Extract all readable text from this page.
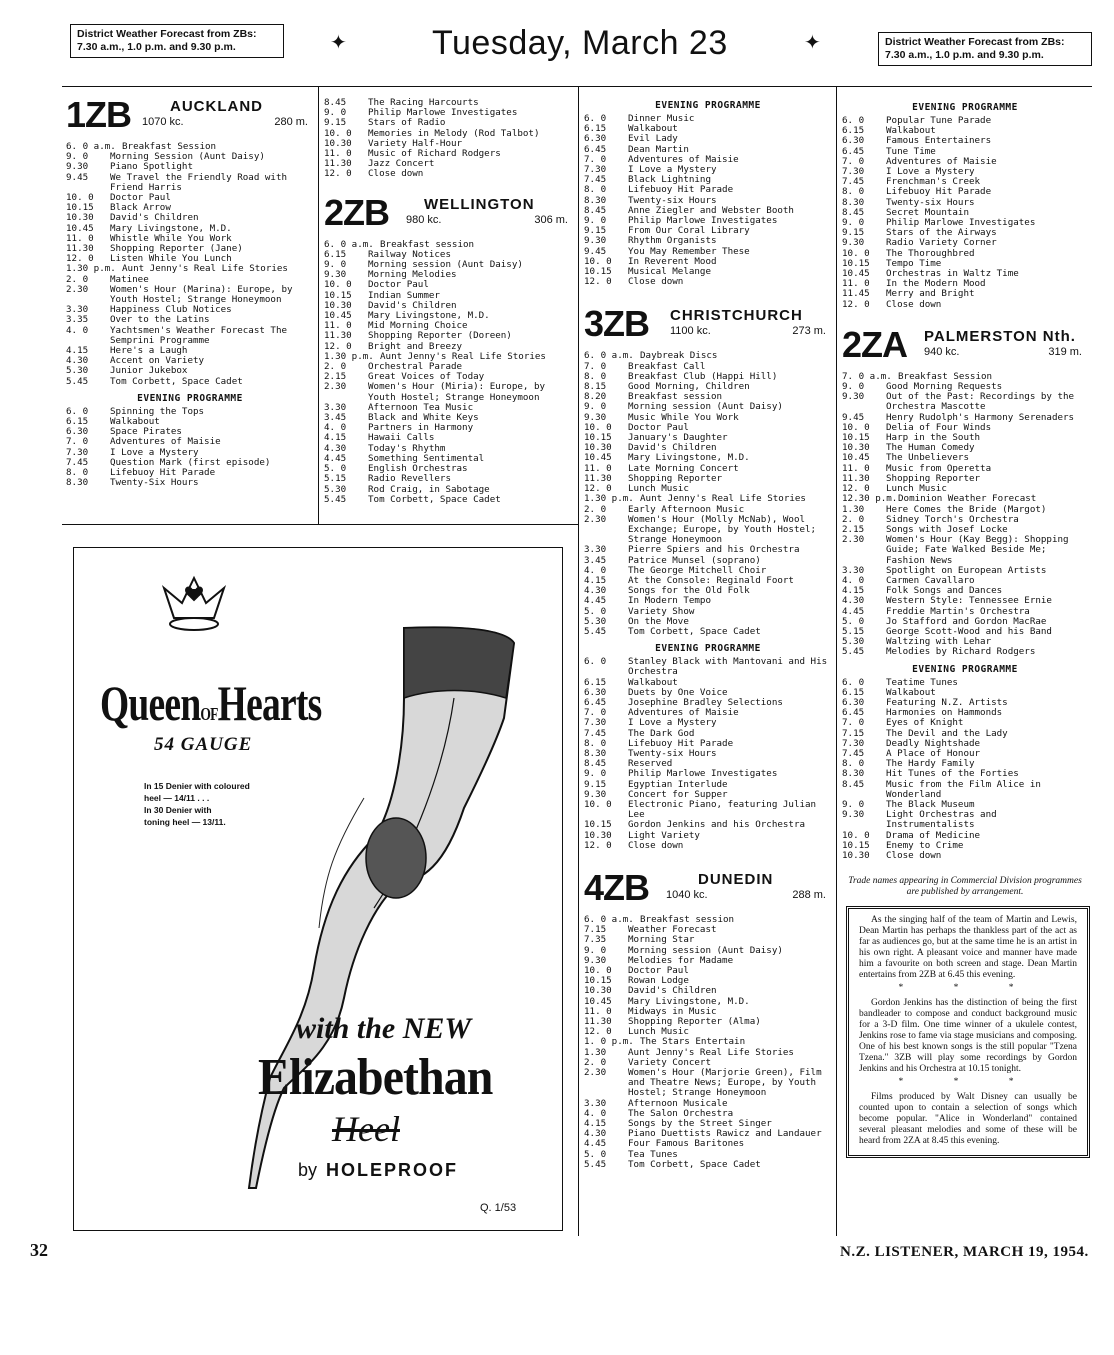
District Weather Forecast from ZBs:
7.30 a.m., 1.0 p.m. and 9.30 p.m.	✦	Tuesday, March 23	✦	District Weather Forecast from ZBs:
7.30 a.m., 1.0 p.m. and 9.30 p.m.
1ZB	AUCKLAND
1070 kc.	280 m.
6. 0 a.m. Breakfast Session
9. 0	Morning Session (Aunt Daisy)
9.30	Piano Spotlight
9.45	We Travel the Friendly Road with Friend Harris
10. 0	Doctor Paul
10.15	Black Arrow
10.30	David's Children
10.45	Mary Livingstone, M.D.
11. 0	Whistle While You Work
11.30	Shopping Reporter (Jane)
12. 0	Listen While You Lunch
1.30 p.m. Aunt Jenny's Real Life Stories
2. 0	Matinee
2.30	Women's Hour (Marina): Europe, by Youth Hostel; Strange Honeymoon
3.30	Happiness Club Notices
3.35	Over to the Latins
4. 0	Yachtsmen's Weather Forecast The Semprini Programme
4.15	Here's a Laugh
4.30	Accent on Variety
5.30	Junior Jukebox
5.45	Tom Corbett, Space Cadet
EVENING PROGRAMME
6. 0	Spinning the Tops
6.15	Walkabout
6.30	Space Pirates
7. 0	Adventures of Maisie
7.30	I Love a Mystery
7.45	Question Mark (first episode)
8. 0	Lifebuoy Hit Parade
8.30	Twenty-Six Hours
8.45	The Racing Harcourts
9. 0	Philip Marlowe Investigates
9.15	Stars of Radio
10. 0	Memories in Melody (Rod Talbot)
10.30	Variety Half-Hour
11. 0	Music of Richard Rodgers
11.30	Jazz Concert
12. 0	Close down
2ZB WELLINGTON
980 kc.	306 m.
6. 0 a.m. Breakfast session
6.15	Railway Notices
9. 0	Morning session (Aunt Daisy)
9.30	Morning Melodies
10. 0	Doctor Paul
10.15	Indian Summer
10.30	David's Children
10.45	Mary Livingstone, M.D.
11. 0	Mid Morning Choice
11.30	Shopping Reporter (Doreen)
12. 0	Bright and Breezy
1.30 p.m. Aunt Jenny's Real Life Stories
2. 0	Orchestral Parade
2.15	Great Voices of Today
2.30	Women's Hour (Miria): Europe, by Youth Hostel; Strange Honeymoon
3.30	Afternoon Tea Music
3.45	Black and White Keys
4. 0	Partners in Harmony
4.15	Hawaii Calls
4.30	Today's Rhythm
4.45	Something Sentimental
5. 0	English Orchestras
5.15	Radio Revellers
5.30	Rod Craig, in Sabotage
5.45	Tom Corbett, Space Cadet
EVENING PROGRAMME
6. 0	Dinner Music
6.15	Walkabout
6.30	Evil Lady
6.45	Dean Martin
7. 0	Adventures of Maisie
7.30	I Love a Mystery
7.45	Black Lightning
8. 0	Lifebuoy Hit Parade
8.30	Twenty-six Hours
8.45	Anne Ziegler and Webster Booth
9. 0	Philip Marlowe Investigates
9.15	From Our Coral Library
9.30	Rhythm Organists
9.45	You May Remember These
10. 0	In Reverent Mood
10.15	Musical Melange
12. 0	Close down
3ZB CHRISTCHURCH
1100 kc.	273 m.
6. 0 a.m. Daybreak Discs
7. 0	Breakfast Call
8. 0	Breakfast Club (Happi Hill)
8.15	Good Morning, Children
8.20	Breakfast session
9. 0	Morning session (Aunt Daisy)
9.30	Music While You Work
10. 0	Doctor Paul
10.15	January's Daughter
10.30	David's Children
10.45	Mary Livingstone, M.D.
11. 0	Late Morning Concert
11.30	Shopping Reporter
12. 0	Lunch Music
1.30 p.m. Aunt Jenny's Real Life Stories
2. 0	Early Afternoon Music
2.30	Women's Hour (Molly McNab), Wool Exchange; Europe, by Youth Hostel; Strange Honeymoon
3.30	Pierre Spiers and his Orchestra
3.45	Patrice Munsel (soprano)
4. 0	The George Mitchell Choir
4.15	At the Console: Reginald Foort
4.30	Songs for the Old Folk
4.45	In Modern Tempo
5. 0	Variety Show
5.30	On the Move
5.45	Tom Corbett, Space Cadet
EVENING PROGRAMME
6. 0	Stanley Black with Mantovani and His Orchestra
6.15	Walkabout
6.30	Duets by One Voice
6.45	Josephine Bradley Selections
7. 0	Adventures of Maisie
7.30	I Love a Mystery
7.45	The Dark God
8. 0	Lifebuoy Hit Parade
8.30	Twenty-six Hours
8.45	Reserved
9. 0	Philip Marlowe Investigates
9.15	Egyptian Interlude
9.30	Concert for Supper
10. 0	Electronic Piano, featuring Julian Lee
10.15	Gordon Jenkins and his Orchestra
10.30	Light Variety
12. 0	Close down
4ZB	DUNEDIN
1040 kc.	288 m.
6. 0 a.m. Breakfast session
7.15	Weather Forecast
7.35	Morning Star
9. 0	Morning session (Aunt Daisy)
9.30	Melodies for Madame
10. 0	Doctor Paul
10.15	Rowan Lodge
10.30	David's Children
10.45	Mary Livingstone, M.D.
11. 0	Midways in Music
11.30	Shopping Reporter (Alma)
12. 0	Lunch Music
1. 0 p.m. The Stars Entertain
1.30	Aunt Jenny's Real Life Stories
2. 0	Variety Concert
2.30	Women's Hour (Marjorie Green), Film and Theatre News; Europe, by Youth Hostel; Strange Honeymoon
3.30	Afternoon Musicale
4. 0	The Salon Orchestra
4.15	Songs by the Street Singer
4.30	Piano Duettists Rawicz and Landauer
4.45	Four Famous Baritones
5. 0	Tea Tunes
5.45	Tom Corbett, Space Cadet
EVENING PROGRAMME
6. 0	Popular Tune Parade
6.15	Walkabout
6.30	Famous Entertainers
6.45	Tune Time
7. 0	Adventures of Maisie
7.30	I Love a Mystery
7.45	Frenchman's Creek
8. 0	Lifebuoy Hit Parade
8.30	Twenty-six Hours
8.45	Secret Mountain
9. 0	Philip Marlowe Investigates
9.15	Stars of the Airways
9.30	Radio Variety Corner
10. 0	The Thoroughbred
10.15	Tempo Time
10.45	Orchestras in Waltz Time
11. 0	In the Modern Mood
11.45	Merry and Bright
12. 0	Close down
2ZA PALMERSTON Nth.
940 kc.	319 m.
7. 0 a.m. Breakfast Session
9. 0	Good Morning Requests
9.30	Out of the Past: Recordings by the Orchestra Mascotte
9.45	Henry Rudolph's Harmony Serenaders
10. 0	Delia of Four Winds
10.15	Harp in the South
10.30	The Human Comedy
10.45	The Unbelievers
11. 0	Music from Operetta
11.30	Shopping Reporter
12. 0	Lunch Music
12.30 p.m. Dominion Weather Forecast
1.30	Here Comes the Bride (Margot)
2. 0	Sidney Torch's Orchestra
2.15	Songs with Josef Locke
2.30	Women's Hour (Kay Begg): Shopping Guide; Fate Walked Beside Me; Fashion News
3.30	Spotlight on European Artists
4. 0	Carmen Cavallaro
4.15	Folk Songs and Dances
4.30	Western Style: Tennessee Ernie
4.45	Freddie Martin's Orchestra
5. 0	Jo Stafford and Gordon MacRae
5.15	George Scott-Wood and his Band
5.30	Waltzing with Lehar
5.45	Melodies by Richard Rodgers
EVENING PROGRAMME
6. 0	Teatime Tunes
6.15	Walkabout
6.30	Featuring N.Z. Artists
6.45	Harmonies on Hammonds
7. 0	Eyes of Knight
7.15	The Devil and the Lady
7.30	Deadly Nightshade
7.45	A Place of Honour
8. 0	The Hardy Family
8.30	Hit Tunes of the Forties
8.45	Music from the Film Alice in Wonderland
9. 0	The Black Museum
9.30	Light Orchestras and Instrumentalists
10. 0	Drama of Medicine
10.15	Enemy to Crime
10.30	Close down
Trade names appearing in Commercial Division programmes are published by arrangement.

As the singing half of the team of Martin and Lewis, Dean Martin has perhaps the thankless part of the act as far as audiences go, but at the same time he is an artist in his own right. A pleasant voice and manner have made him a favourite on both screen and stage. Dean Martin entertains from 2ZB at 6.45 this evening.

* * *

Gordon Jenkins has the distinction of being the first bandleader to compose and conduct background music for a 3-D film. One time winner of a ukulele contest, Jenkins rose to fame via stage musicians and composing. One of his best known songs is the still popular "Tzena Tzena." 3ZB will play some recordings by Gordon Jenkins and his Orchestra at 10.15 tonight.

* * *

Films produced by Walt Disney can usually be counted upon to contain a selection of songs which become popular. "Alice in Wonderland" contained several pleasant melodies and some of these will be heard from 2ZA at 8.45 this evening.

QueenOFHearts
54 GAUGE
In 15 Denier with coloured
heel — 14/11 . . .
In 30 Denier with
toning heel — 13/11.
with the NEW
Elizabethan
Heel
by HOLEPROOF
Q. 1/53
32	N.Z. LISTENER, MARCH 19, 1954.
